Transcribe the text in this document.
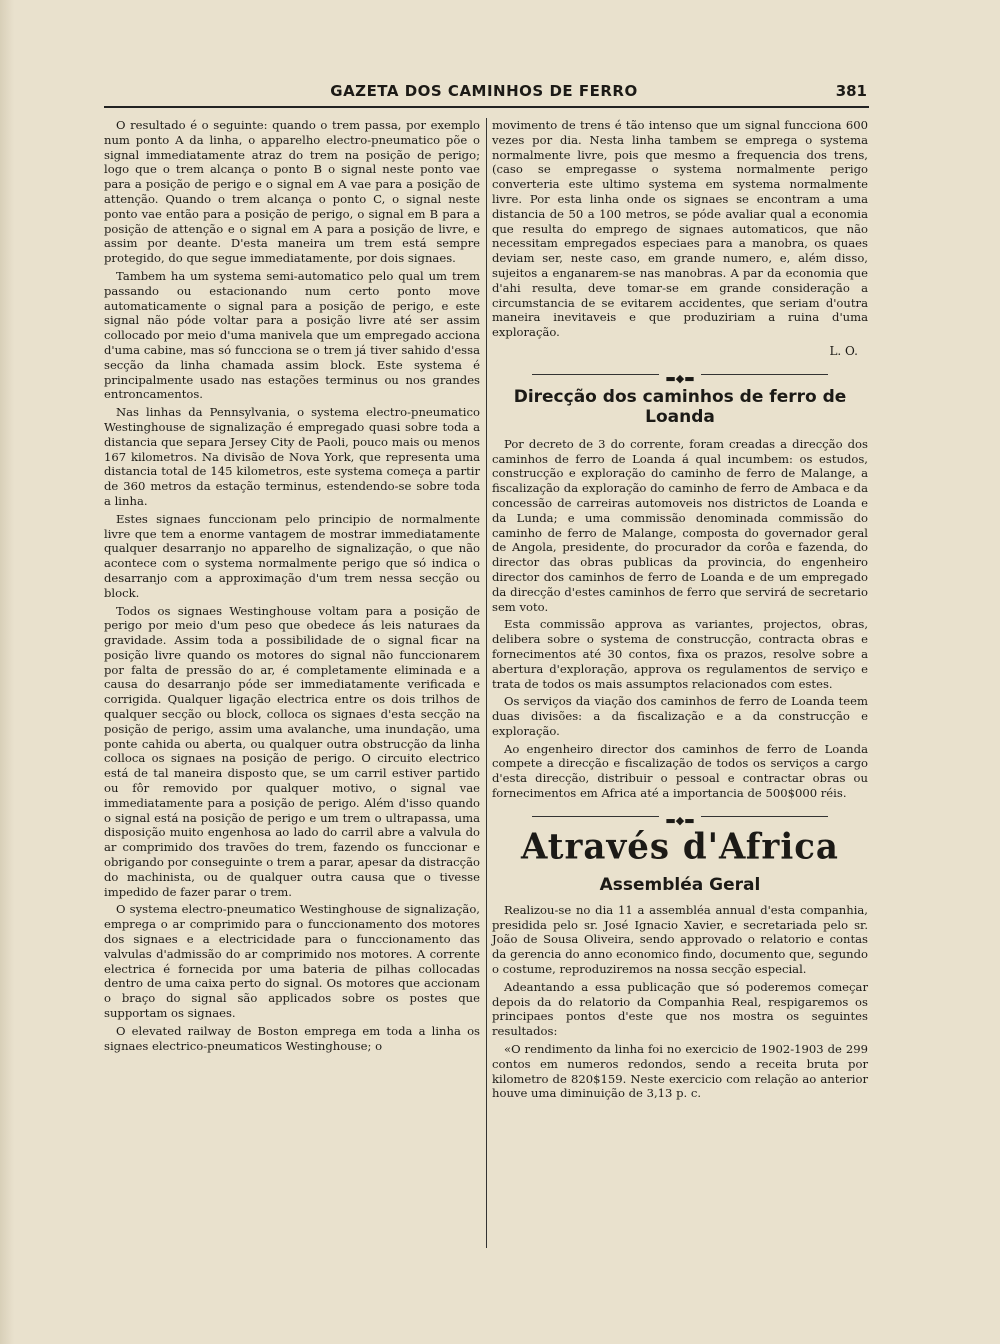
GAZETA DOS CAMINHOS DE FERRO	381

O resultado é o seguinte: quando o trem passa, por exemplo num ponto A da linha, o apparelho electro-pneumatico põe o signal immediatamente atraz do trem na posição de perigo; logo que o trem alcança o ponto B o signal neste ponto vae para a posição de perigo e o signal em A vae para a posição de attenção. Quando o trem alcança o ponto C, o signal neste ponto vae então para a posição de perigo, o signal em B para a posição de attenção e o signal em A para a posição de livre, e assim por deante. D'esta maneira um trem está sempre protegido, do que segue immediatamente, por dois signaes.

Tambem ha um systema semi-automatico pelo qual um trem passando ou estacionando num certo ponto move automaticamente o signal para a posição de perigo, e este signal não póde voltar para a posição livre até ser assim collocado por meio d'uma manivela que um empregado acciona d'uma cabine, mas só funcciona se o trem já tiver sahido d'essa secção da linha chamada assim block. Este systema é principalmente usado nas estações terminus ou nos grandes entroncamentos.

Nas linhas da Pennsylvania, o systema electro-pneumatico Westinghouse de signalização é empregado quasi sobre toda a distancia que separa Jersey City de Paoli, pouco mais ou menos 167 kilometros. Na divisão de Nova York, que representa uma distancia total de 145 kilometros, este systema começa a partir de 360 metros da estação terminus, estendendo-se sobre toda a linha.

Estes signaes funccionam pelo principio de normalmente livre que tem a enorme vantagem de mostrar immediatamente qualquer desarranjo no apparelho de signalização, o que não acontece com o systema normalmente perigo que só indica o desarranjo com a approximação d'um trem nessa secção ou block.

Todos os signaes Westinghouse voltam para a posição de perigo por meio d'um peso que obedece ás leis naturaes da gravidade. Assim toda a possibilidade de o signal ficar na posição livre quando os motores do signal não funccionarem por falta de pressão do ar, é completamente eliminada e a causa do desarranjo póde ser immediatamente verificada e corrigida. Qualquer ligação electrica entre os dois trilhos de qualquer secção ou block, colloca os signaes d'esta secção na posição de perigo, assim uma avalanche, uma inundação, uma ponte cahida ou aberta, ou qualquer outra obstrucção da linha colloca os signaes na posição de perigo. O circuito electrico está de tal maneira disposto que, se um carril estiver partido ou fôr removido por qualquer motivo, o signal vae immediatamente para a posição de perigo. Além d'isso quando o signal está na posição de perigo e um trem o ultrapassa, uma disposição muito engenhosa ao lado do carril abre a valvula do ar comprimido dos travões do trem, fazendo os funccionar e obrigando por conseguinte o trem a parar, apesar da distracção do machinista, ou de qualquer outra causa que o tivesse impedido de fazer parar o trem.

O systema electro-pneumatico Westinghouse de signalização, emprega o ar comprimido para o funccionamento dos motores dos signaes e a electricidade para o funccionamento das valvulas d'admissão do ar comprimido nos motores. A corrente electrica é fornecida por uma bateria de pilhas collocadas dentro de uma caixa perto do signal. Os motores que accionam o braço do signal são applicados sobre os postes que supportam os signaes.

O elevated railway de Boston emprega em toda a linha os signaes electrico-pneumaticos Westinghouse; o

movimento de trens é tão intenso que um signal funcciona 600 vezes por dia. Nesta linha tambem se emprega o systema normalmente livre, pois que mesmo a frequencia dos trens, (caso se empregasse o systema normalmente perigo converteria este ultimo systema em systema normalmente livre. Por esta linha onde os signaes se encontram a uma distancia de 50 a 100 metros, se póde avaliar qual a economia que resulta do emprego de signaes automaticos, que não necessitam empregados especiaes para a manobra, os quaes deviam ser, neste caso, em grande numero, e, além disso, sujeitos a enganarem-se nas manobras. A par da economia que d'ahi resulta, deve tomar-se em grande consideração a circumstancia de se evitarem accidentes, que seriam d'outra maneira inevitaveis e que produziriam a ruina d'uma exploração.

L. O.

▬◆▬
Direcção dos caminhos de ferro de Loanda

Por decreto de 3 do corrente, foram creadas a direcção dos caminhos de ferro de Loanda á qual incumbem: os estudos, construcção e exploração do caminho de ferro de Malange, a fiscalização da exploração do caminho de ferro de Ambaca e da concessão de carreiras automoveis nos districtos de Loanda e da Lunda; e uma commissão denominada commissão do caminho de ferro de Malange, composta do governador geral de Angola, presidente, do procurador da corôa e fazenda, do director das obras publicas da provincia, do engenheiro director dos caminhos de ferro de Loanda e de um empregado da direcção d'estes caminhos de ferro que servirá de secretario sem voto.

Esta commissão approva as variantes, projectos, obras, delibera sobre o systema de construcção, contracta obras e fornecimentos até 30 contos, fixa os prazos, resolve sobre a abertura d'exploração, approva os regulamentos de serviço e trata de todos os mais assumptos relacionados com estes.

Os serviços da viação dos caminhos de ferro de Loanda teem duas divisões: a da fiscalização e a da construcção e exploração.

Ao engenheiro director dos caminhos de ferro de Loanda compete a direcção e fiscalização de todos os serviços a cargo d'esta direcção, distribuir o pessoal e contractar obras ou fornecimentos em Africa até a importancia de 500$000 réis.

▬◆▬
Através d'Africa
Assembléa Geral

Realizou-se no dia 11 a assembléa annual d'esta companhia, presidida pelo sr. José Ignacio Xavier, e secretariada pelo sr. João de Sousa Oliveira, sendo approvado o relatorio e contas da gerencia do anno economico findo, documento que, segundo o costume, reproduziremos na nossa secção especial.

Adeantando a essa publicação que só poderemos começar depois da do relatorio da Companhia Real, respigaremos os principaes pontos d'este que nos mostra os seguintes resultados:

«O rendimento da linha foi no exercicio de 1902-1903 de 299 contos em numeros redondos, sendo a receita bruta por kilometro de 820$159. Neste exercicio com relação ao anterior houve uma diminuição de 3,13 p. c.
